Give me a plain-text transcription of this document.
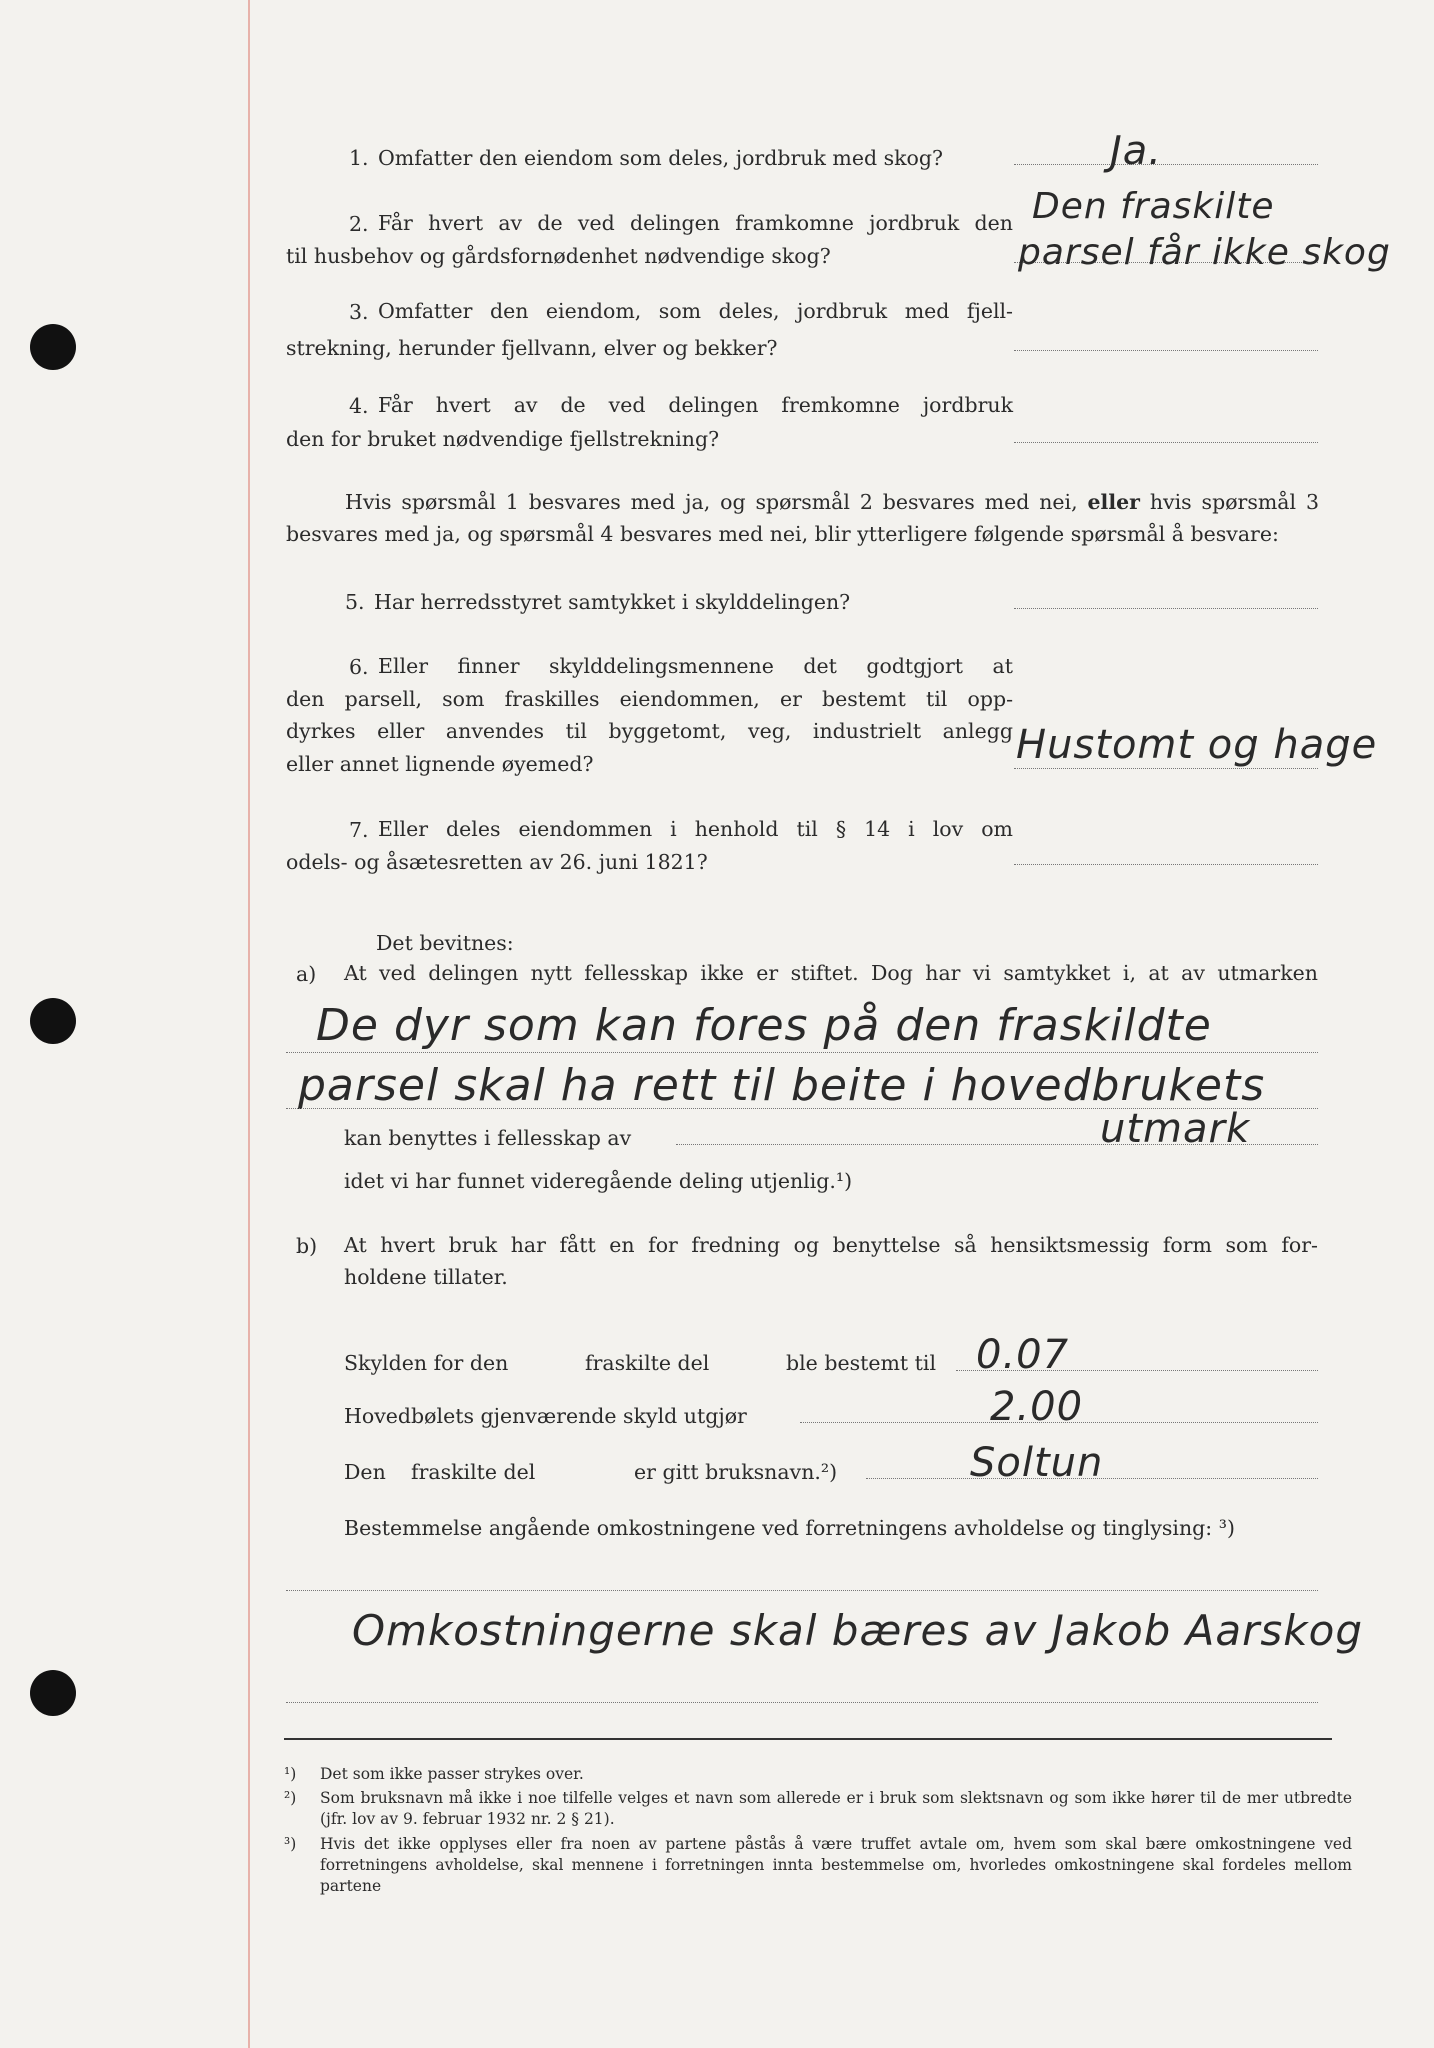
1. Omfatter den eiendom som deles, jordbruk med skog?	Ja.
2. Får hvert av de ved delingen framkomne jordbruk den
til husbehov og gårdsfornødenhet nødvendige skog?
Den fraskilte
parsel får ikke skog
3. Omfatter den eiendom, som deles, jordbruk med fjell-
strekning, herunder fjellvann, elver og bekker?
4. Får hvert av de ved delingen fremkomne jordbruk
den for bruket nødvendige fjellstrekning?
Hvis spørsmål 1 besvares med ja, og spørsmål 2 besvares med nei, eller hvis spørsmål 3
besvares med ja, og spørsmål 4 besvares med nei, blir ytterligere følgende spørsmål å besvare:
5. Har herredsstyret samtykket i skylddelingen?
6. Eller finner skylddelingsmennene det godtgjort at
den parsell, som fraskilles eiendommen, er bestemt til opp-
dyrkes eller anvendes til byggetomt, veg, industrielt anlegg
eller annet lignende øyemed?	Hustomt og hage
7. Eller deles eiendommen i henhold til § 14 i lov om
odels- og åsætesretten av 26. juni 1821?
Det bevitnes:
a) At ved delingen nytt fellesskap ikke er stiftet. Dog har vi samtykket i, at av utmarken
De dyr som kan fores på den fraskildte
parsel skal ha rett til beite i hovedbrukets
kan benyttes i fellesskap av	utmark
idet vi har funnet videregående deling utjenlig.¹)
b) At hvert bruk har fått en for fredning og benyttelse så hensiktsmessig form som for-
holdene tillater.
Skylden for den	fraskilte del	ble bestemt til 0.07
Hovedbølets gjenværende skyld utgjør	2.00
Den fraskilte del	er gitt bruksnavn.²)	Soltun
Bestemmelse angående omkostningene ved forretningens avholdelse og tinglysing: ³)
Omkostningerne skal bæres av Jakob Aarskog
¹) Det som ikke passer strykes over.
²) Som bruksnavn må ikke i noe tilfelle velges et navn som allerede er i bruk som slektsnavn og som ikke hører til de mer utbredte (jfr. lov av 9. februar 1932 nr. 2 § 21).
³) Hvis det ikke opplyses eller fra noen av partene påstås å være truffet avtale om, hvem som skal bære omkostningene ved forretningens avholdelse, skal mennene i forretningen innta bestemmelse om, hvorledes omkostningene skal fordeles mellom partene
